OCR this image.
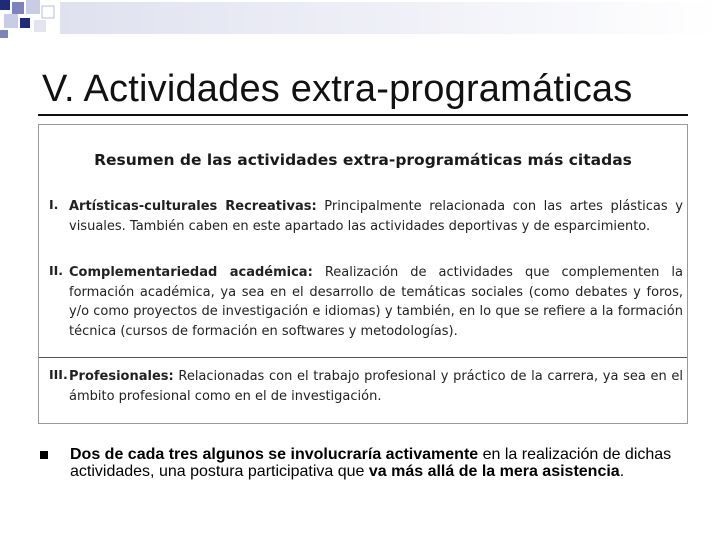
V. Actividades extra-programáticas
Resumen de las actividades extra-programáticas más citadas
I. Artísticas-culturales Recreativas: Principalmente relacionada con las artes plásticas y visuales. También caben en este apartado las actividades deportivas y de esparcimiento.
II. Complementariedad académica: Realización de actividades que complementen la formación académica, ya sea en el desarrollo de temáticas sociales (como debates y foros, y/o como proyectos de investigación e idiomas) y también, en lo que se refiere a la formación técnica (cursos de formación en softwares y metodologías).
III. Profesionales: Relacionadas con el trabajo profesional y práctico de la carrera, ya sea en el ámbito profesional como en el de investigación.
Dos de cada tres algunos se involucraría activamente en la realización de dichas actividades, una postura participativa que va más allá de la mera asistencia.
